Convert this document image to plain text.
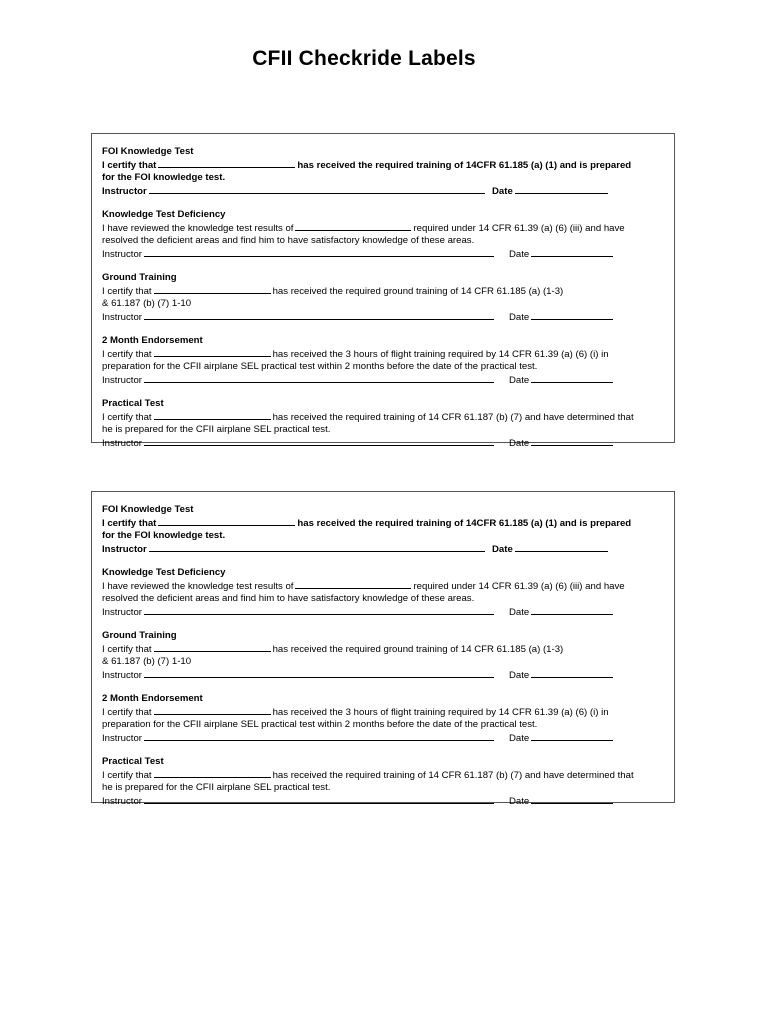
CFII Checkride Labels
FOI Knowledge Test
I certify that	has received the required training of 14CFR 61.185 (a) (1) and is prepared
for the FOI knowledge test.
Instructor	Date
Knowledge Test Deficiency
I have reviewed the knowledge test results of	required under 14 CFR 61.39 (a) (6) (iii) and have
resolved the deficient areas and find him to have satisfactory knowledge of these areas.
Instructor	Date
Ground Training
I certify that	has received the required ground training of 14 CFR 61.185 (a) (1-3)
& 61.187 (b) (7) 1-10
Instructor	Date
2 Month Endorsement
I certify that	has received the 3 hours of flight training required by 14 CFR 61.39 (a) (6) (i) in
preparation for the CFII airplane SEL practical test within 2 months before the date of the practical test.
Instructor	Date
Practical Test
I certify that	has received the required training of 14 CFR 61.187 (b) (7) and have determined that
he is prepared for the CFII airplane SEL practical test.
Instructor	Date
FOI Knowledge Test
I certify that	has received the required training of 14CFR 61.185 (a) (1) and is prepared
for the FOI knowledge test.
Instructor	Date
Knowledge Test Deficiency
I have reviewed the knowledge test results of	required under 14 CFR 61.39 (a) (6) (iii) and have
resolved the deficient areas and find him to have satisfactory knowledge of these areas.
Instructor	Date
Ground Training
I certify that	has received the required ground training of 14 CFR 61.185 (a) (1-3)
& 61.187 (b) (7) 1-10
Instructor	Date
2 Month Endorsement
I certify that	has received the 3 hours of flight training required by 14 CFR 61.39 (a) (6) (i) in
preparation for the CFII airplane SEL practical test within 2 months before the date of the practical test.
Instructor	Date
Practical Test
I certify that	has received the required training of 14 CFR 61.187 (b) (7) and have determined that
he is prepared for the CFII airplane SEL practical test.
Instructor	Date
